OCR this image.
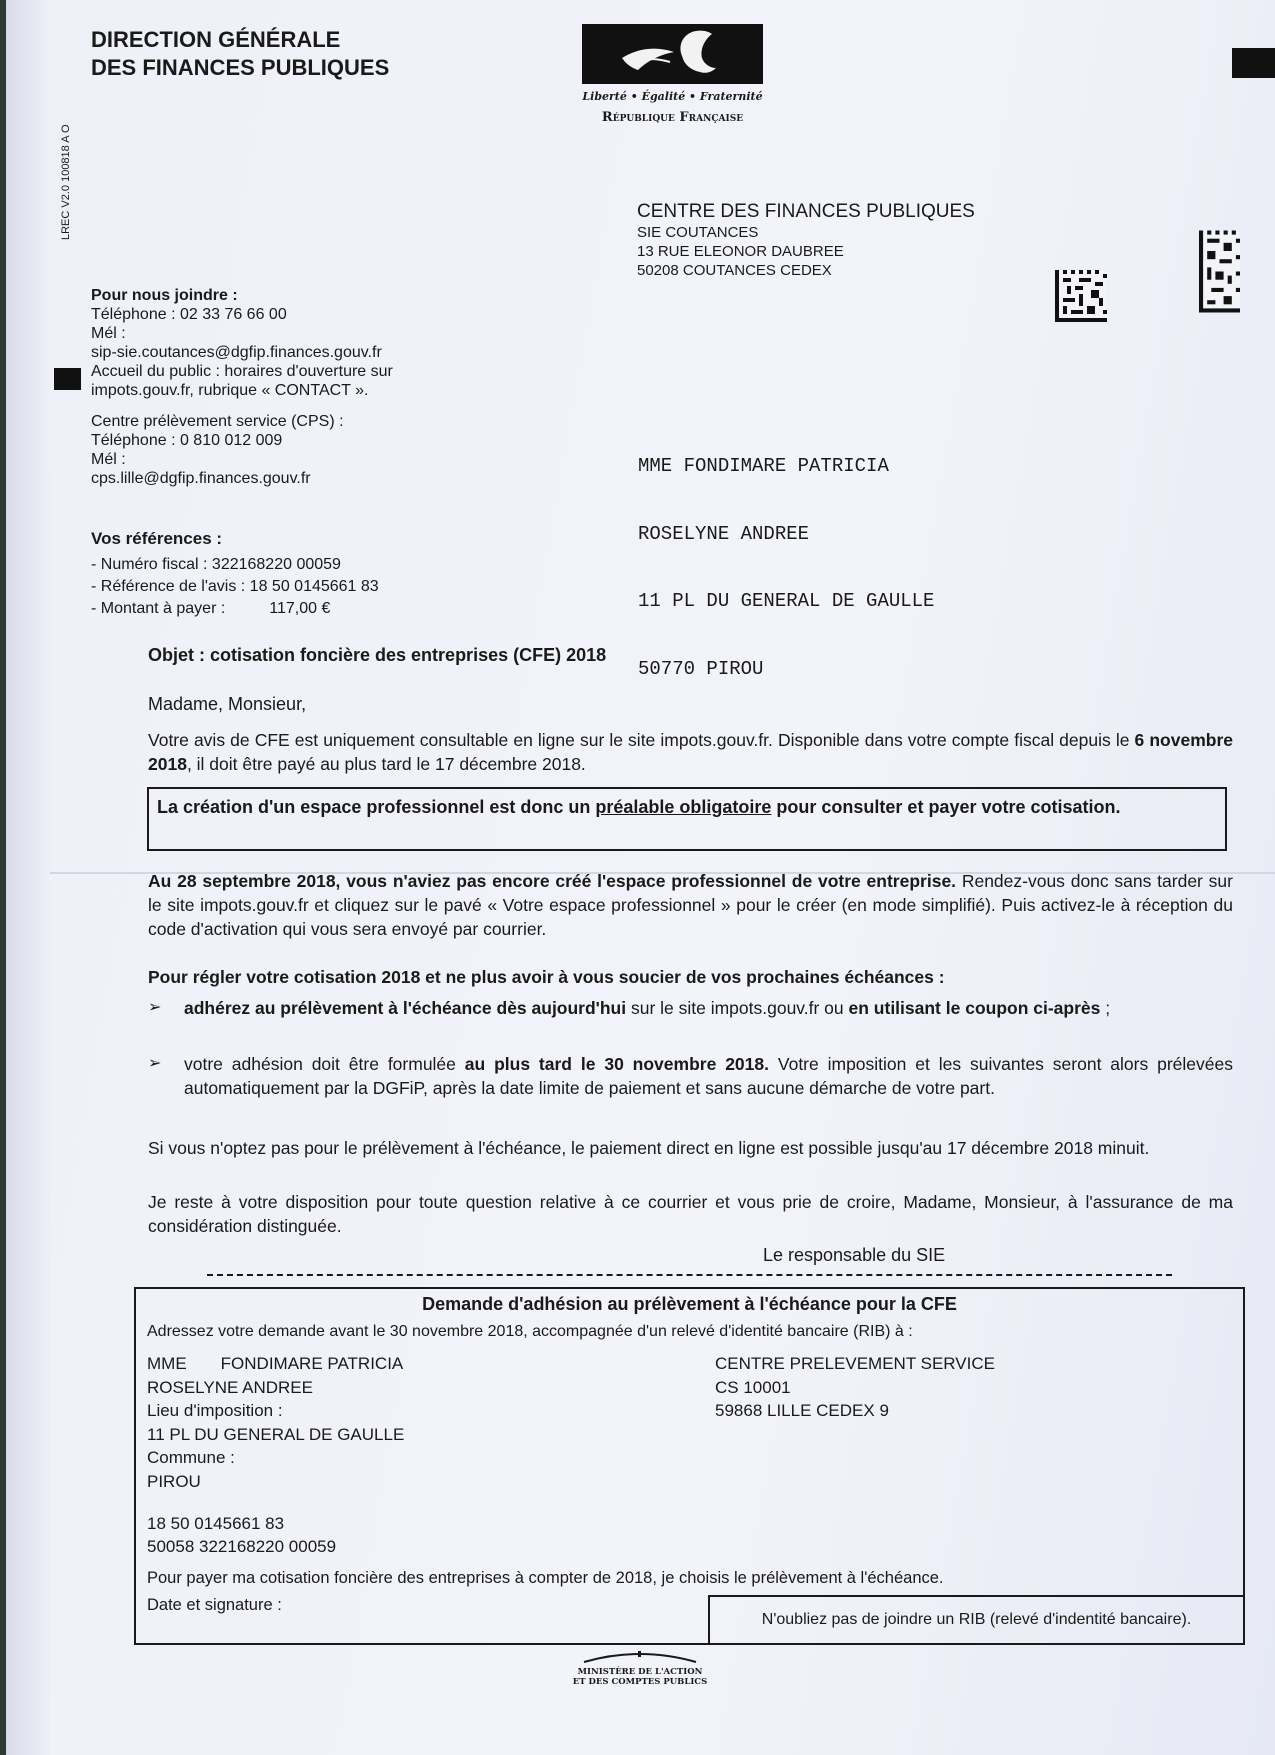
DIRECTION GÉNÉRALE
DES FINANCES PUBLIQUES
LREC V2.0 100818 A O
Liberté • Égalité • Fraternité
République Française
CENTRE DES FINANCES PUBLIQUES
SIE COUTANCES
13 RUE ELEONOR DAUBREE
50208 COUTANCES CEDEX
Pour nous joindre :
Téléphone : 02 33 76 66 00
Mél :
sip-sie.coutances@dgfip.finances.gouv.fr
Accueil du public : horaires d'ouverture sur
impots.gouv.fr, rubrique « CONTACT ».
Centre prélèvement service (CPS) :
Téléphone : 0 810 012 009
Mél :
cps.lille@dgfip.finances.gouv.fr

MME FONDIMARE PATRICIA

ROSELYNE ANDREE

11 PL DU GENERAL DE GAULLE

50770 PIROU

Vos références :
- Numéro fiscal : 322168220 00059
- Référence de l'avis : 18 50 0145661 83
- Montant à payer :	117,00 €
Objet : cotisation foncière des entreprises (CFE) 2018
Madame, Monsieur,
Votre avis de CFE est uniquement consultable en ligne sur le site impots.gouv.fr. Disponible dans votre compte fiscal depuis le 6 novembre 2018, il doit être payé au plus tard le 17 décembre 2018.
La création d'un espace professionnel est donc un préalable obligatoire pour consulter et payer votre cotisation.
Au 28 septembre 2018, vous n'aviez pas encore créé l'espace professionnel de votre entreprise. Rendez-vous donc sans tarder sur le site impots.gouv.fr et cliquez sur le pavé « Votre espace professionnel » pour le créer (en mode simplifié). Puis activez-le à réception du code d'activation qui vous sera envoyé par courrier.
Pour régler votre cotisation 2018 et ne plus avoir à vous soucier de vos prochaines échéances :
➢ adhérez au prélèvement à l'échéance dès aujourd'hui sur le site impots.gouv.fr ou en utilisant le coupon ci-après ;
➢ votre adhésion doit être formulée au plus tard le 30 novembre 2018. Votre imposition et les suivantes seront alors prélevées automatiquement par la DGFiP, après la date limite de paiement et sans aucune démarche de votre part.
Si vous n'optez pas pour le prélèvement à l'échéance, le paiement direct en ligne est possible jusqu'au 17 décembre 2018 minuit.
Je reste à votre disposition pour toute question relative à ce courrier et vous prie de croire, Madame, Monsieur, à l'assurance de ma considération distinguée.
Le responsable du SIE
Demande d'adhésion au prélèvement à l'échéance pour la CFE
Adressez votre demande avant le 30 novembre 2018, accompagnée d'un relevé d'identité bancaire (RIB) à :
MME FONDIMARE PATRICIA
ROSELYNE ANDREE
Lieu d'imposition :
11 PL DU GENERAL DE GAULLE
Commune :
PIROU
CENTRE PRELEVEMENT SERVICE
CS 10001
59868 LILLE CEDEX 9
18 50 0145661 83
50058 322168220 00059
Pour payer ma cotisation foncière des entreprises à compter de 2018, je choisis le prélèvement à l'échéance.
Date et signature :
N'oubliez pas de joindre un RIB (relevé d'indentité bancaire).
MINISTÈRE DE L'ACTION
ET DES COMPTES PUBLICS
